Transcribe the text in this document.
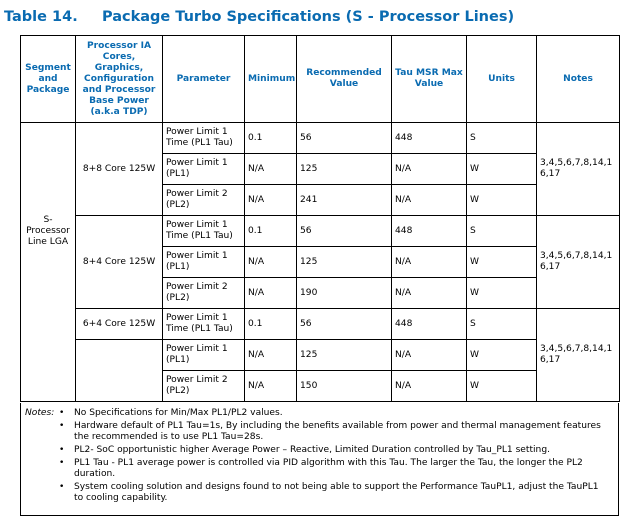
Table 14. Package Turbo Specifications (S - Processor Lines)
Segment and Package	Processor IA Cores, Graphics, Configuration and Processor Base Power (a.k.a TDP)	Parameter	Minimum	Recommended Value	Tau MSR Max Value	Units	Notes
S-Processor Line LGA	8+8 Core 125W	Power Limit 1 Time (PL1 Tau)	0.1	56	448	S	3,4,5,6,7,8,14,16,17
		Power Limit 1 (PL1)	N/A	125	N/A	W	
		Power Limit 2 (PL2)	N/A	241	N/A	W	
	8+4 Core 125W	Power Limit 1 Time (PL1 Tau)	0.1	56	448	S	3,4,5,6,7,8,14,16,17
		Power Limit 1 (PL1)	N/A	125	N/A	W	
		Power Limit 2 (PL2)	N/A	190	N/A	W	
	6+4 Core 125W	Power Limit 1 Time (PL1 Tau)	0.1	56	448	S	3,4,5,6,7,8,14,16,17
		Power Limit 1 (PL1)	N/A	125	N/A	W	
		Power Limit 2 (PL2)	N/A	150	N/A	W	
Notes: • No Specifications for Min/Max PL1/PL2 values.
• Hardware default of PL1 Tau=1s, By including the benefits available from power and thermal management features the recommended is to use PL1 Tau=28s.
• PL2- SoC opportunistic higher Average Power – Reactive, Limited Duration controlled by Tau_PL1 setting.
• PL1 Tau - PL1 average power is controlled via PID algorithm with this Tau. The larger the Tau, the longer the PL2 duration.
• System cooling solution and designs found to not being able to support the Performance TauPL1, adjust the TauPL1 to cooling capability.
